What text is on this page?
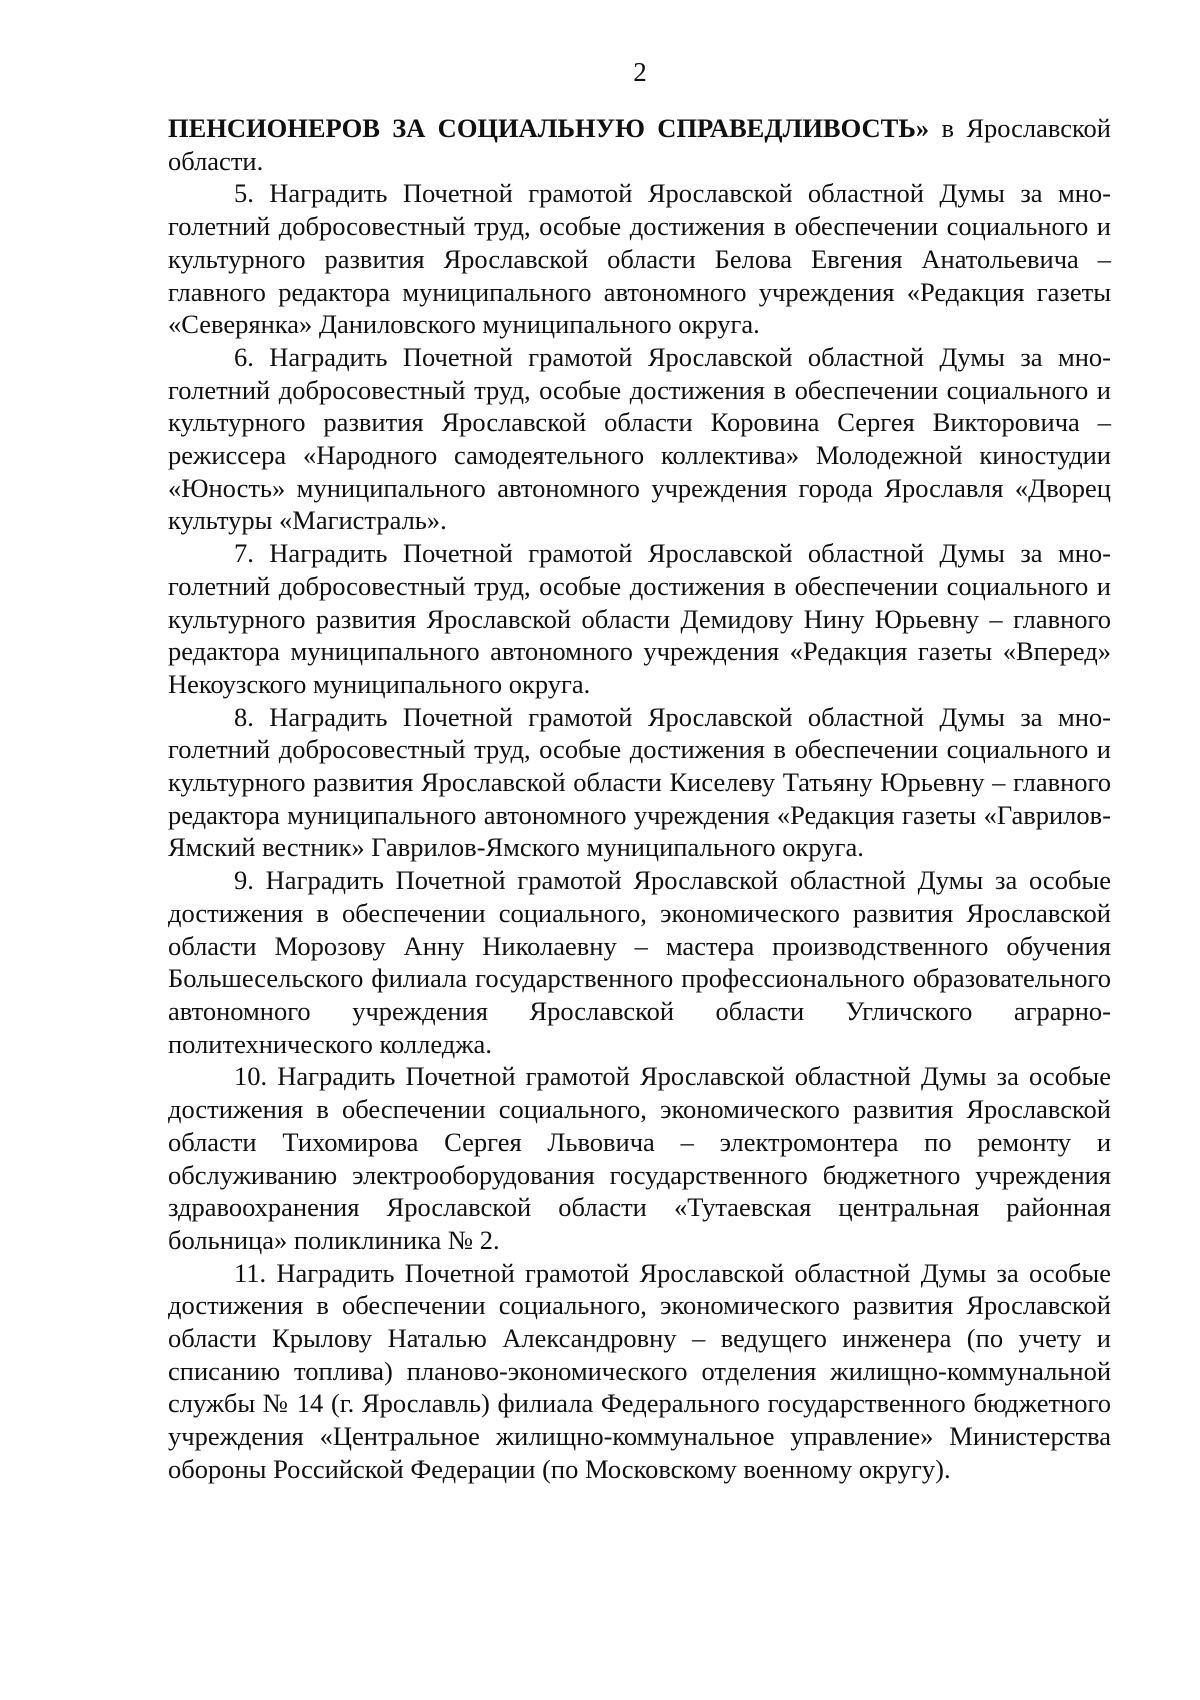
2

ПЕНСИОНЕРОВ ЗА СОЦИАЛЬНУЮ СПРАВЕДЛИВОСТЬ» в Ярославской области.

5. Наградить Почетной грамотой Ярославской областной Думы за многолетний добросовестный труд, особые достижения в обеспечении социального и культурного развития Ярославской области Белова Евгения Анатольевича – главного редактора муниципального автономного учреждения «Редакция газеты «Северянка» Даниловского муниципального округа.

6. Наградить Почетной грамотой Ярославской областной Думы за многолетний добросовестный труд, особые достижения в обеспечении социального и культурного развития Ярославской области Коровина Сергея Викторовича – режиссера «Народного самодеятельного коллектива» Молодежной киностудии «Юность» муниципального автономного учреждения города Ярославля «Дворец культуры «Магистраль».

7. Наградить Почетной грамотой Ярославской областной Думы за многолетний добросовестный труд, особые достижения в обеспечении социального и культурного развития Ярославской области Демидову Нину Юрьевну – главного редактора муниципального автономного учреждения «Редакция газеты «Вперед» Некоузского муниципального округа.

8. Наградить Почетной грамотой Ярославской областной Думы за многолетний добросовестный труд, особые достижения в обеспечении социального и культурного развития Ярославской области Киселеву Татьяну Юрьевну – главного редактора муниципального автономного учреждения «Редакция газеты «Гаврилов-Ямский вестник» Гаврилов-Ямского муниципального округа.

9. Наградить Почетной грамотой Ярославской областной Думы за особые достижения в обеспечении социального, экономического развития Ярославской области Морозову Анну Николаевну – мастера производственного обучения Большесельского филиала государственного профессионального образовательного автономного учреждения Ярославской области Угличского аграрно-политехнического колледжа.

10. Наградить Почетной грамотой Ярославской областной Думы за особые достижения в обеспечении социального, экономического развития Ярославской области Тихомирова Сергея Львовича – электромонтера по ремонту и обслуживанию электрооборудования государственного бюджетного учреждения здравоохранения Ярославской области «Тутаевская центральная районная больница» поликлиника № 2.

11. Наградить Почетной грамотой Ярославской областной Думы за особые достижения в обеспечении социального, экономического развития Ярославской области Крылову Наталью Александровну – ведущего инженера (по учету и списанию топлива) планово-экономического отделения жилищно-коммунальной службы № 14 (г. Ярославль) филиала Федерального государственного бюджетного учреждения «Центральное жилищно-коммунальное управление» Министерства обороны Российской Федерации (по Московскому военному округу).
